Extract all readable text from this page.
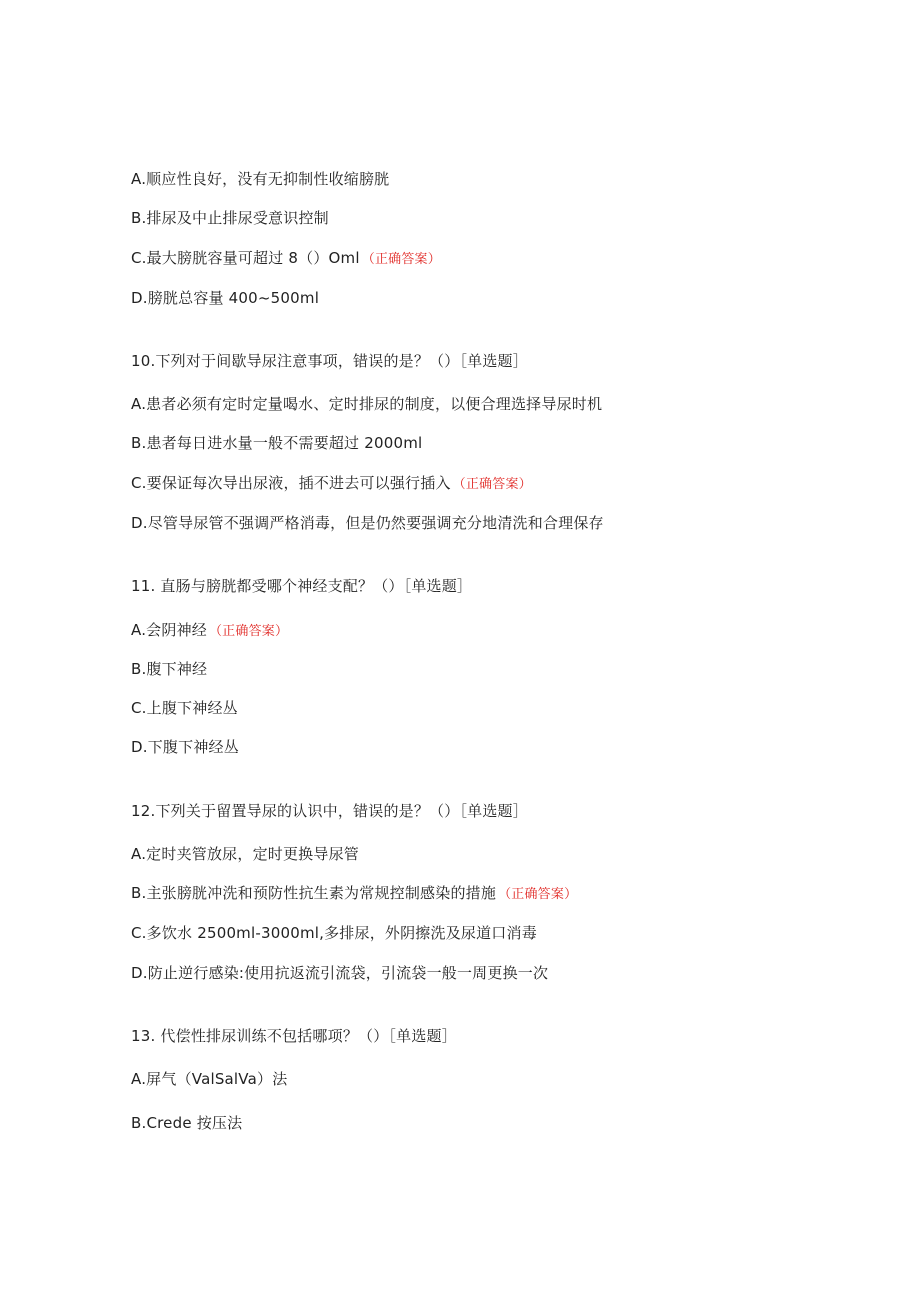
A.顺应性良好，没有无抑制性收缩膀胱
B.排尿及中止排尿受意识控制
C.最大膀胱容量可超过 8（）Oml （正确答案）
D.膀胱总容量 400~500ml
10.下列对于间歇导尿注意事项，错误的是？（）［单选题］
A.患者必须有定时定量喝水、定时排尿的制度，以便合理选择导尿时机
B.患者每日进水量一般不需要超过 2000ml
C.要保证每次导出尿液，插不进去可以强行插入 （正确答案）
D.尽管导尿管不强调严格消毒，但是仍然要强调充分地清洗和合理保存
11. 直肠与膀胱都受哪个神经支配？（）［单选题］
A.会阴神经 （正确答案）
B.腹下神经
C.上腹下神经丛
D.下腹下神经丛
12.下列关于留置导尿的认识中，错误的是？（）［单选题］
A.定时夹管放尿，定时更换导尿管
B.主张膀胱冲洗和预防性抗生素为常规控制感染的措施 （正确答案）
C.多饮水 2500ml-3000ml,多排尿，外阴擦洗及尿道口消毒
D.防止逆行感染:使用抗返流引流袋，引流袋一般一周更换一次
13. 代偿性排尿训练不包括哪项？（）［单选题］
A.屏气（ValSalVa）法
B.Crede 按压法
